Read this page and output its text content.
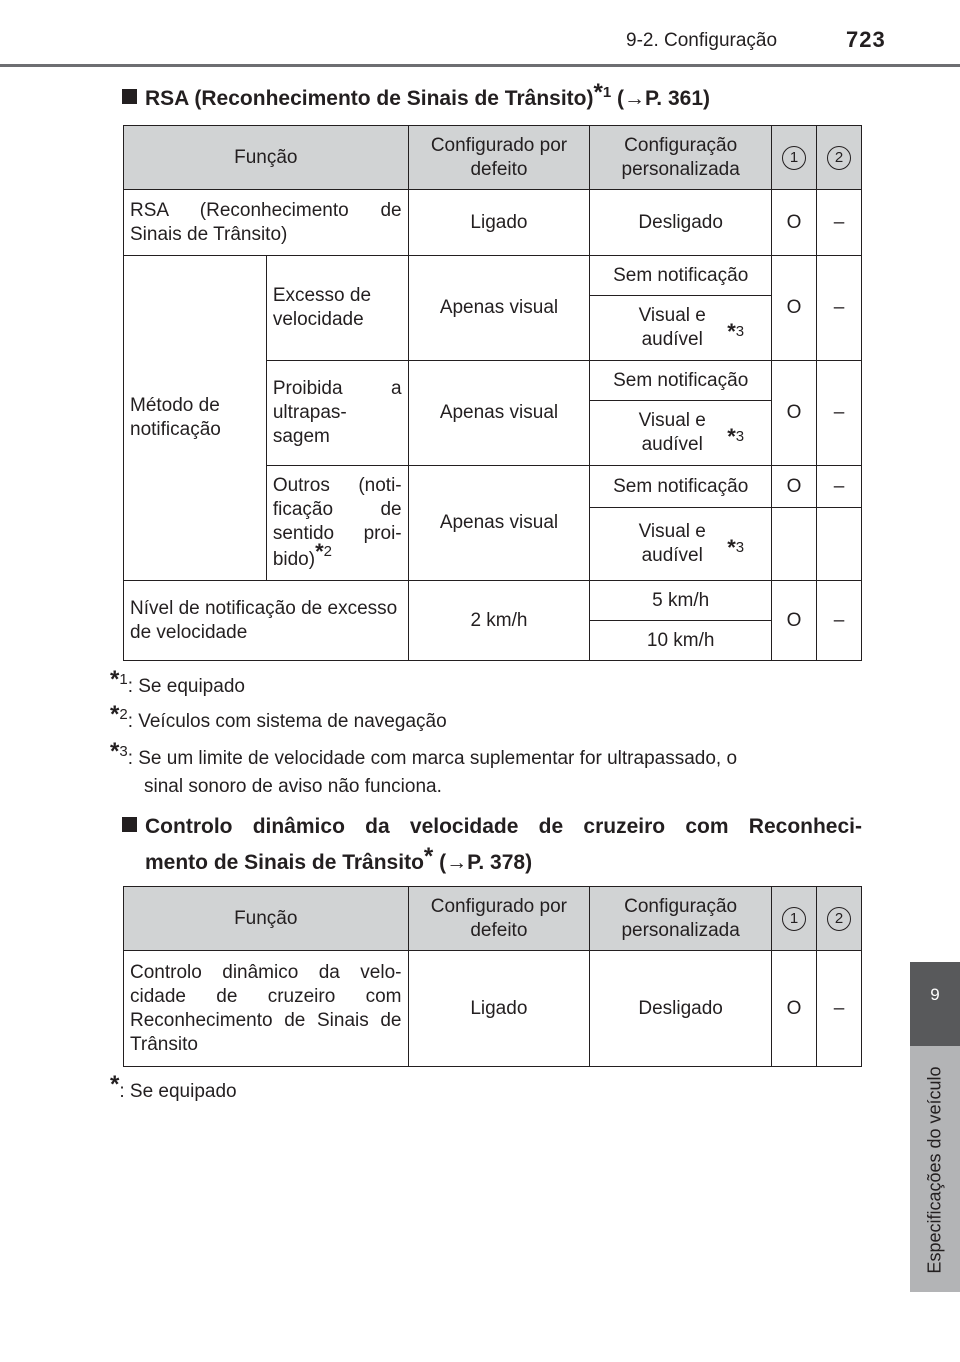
9-2. Configuração	723
9
Especificações do veículo
RSA (Reconhecimento de Sinais de Trânsito)$^{*1}$ (→P. 361)
Função		Configurado por defeito	Configuração personalizada	1	2
RSA (Reconhecimento de Sinais de Trânsito)		Ligado	Desligado	O	–
Método de notificação	Excesso de velocidade	Apenas visual	Sem notificação	O	–
			Visual e audível $^{*3}$
	Proibida a ultrapas- sagem	Apenas visual	Sem notificação	O	–
			Visual e audível $^{*3}$
	Outros (noti- ficação de sentido proi- bido)$^{*2}$	Apenas visual	Sem notificação	O	–
			Visual e audível $^{*3}$		
Nível de notificação de excesso de velocidade		2 km/h	5 km/h	O	–
			10 km/h		
$^{*1}$: Se equipado
$^{*2}$: Veículos com sistema de navegação
$^{*3}$: Se um limite de velocidade com marca suplementar for ultrapassado, o
sinal sonoro de aviso não funciona.
Controlo dinâmico da velocidade de cruzeiro com Reconheci-
mento de Sinais de Trânsito* (→P. 378)
Função	Configurado por defeito	Configuração personalizada	1	2
Controlo dinâmico da velo- cidade de cruzeiro com Reconhecimento de Sinais de Trânsito	Ligado	Desligado	O	–
*: Se equipado
